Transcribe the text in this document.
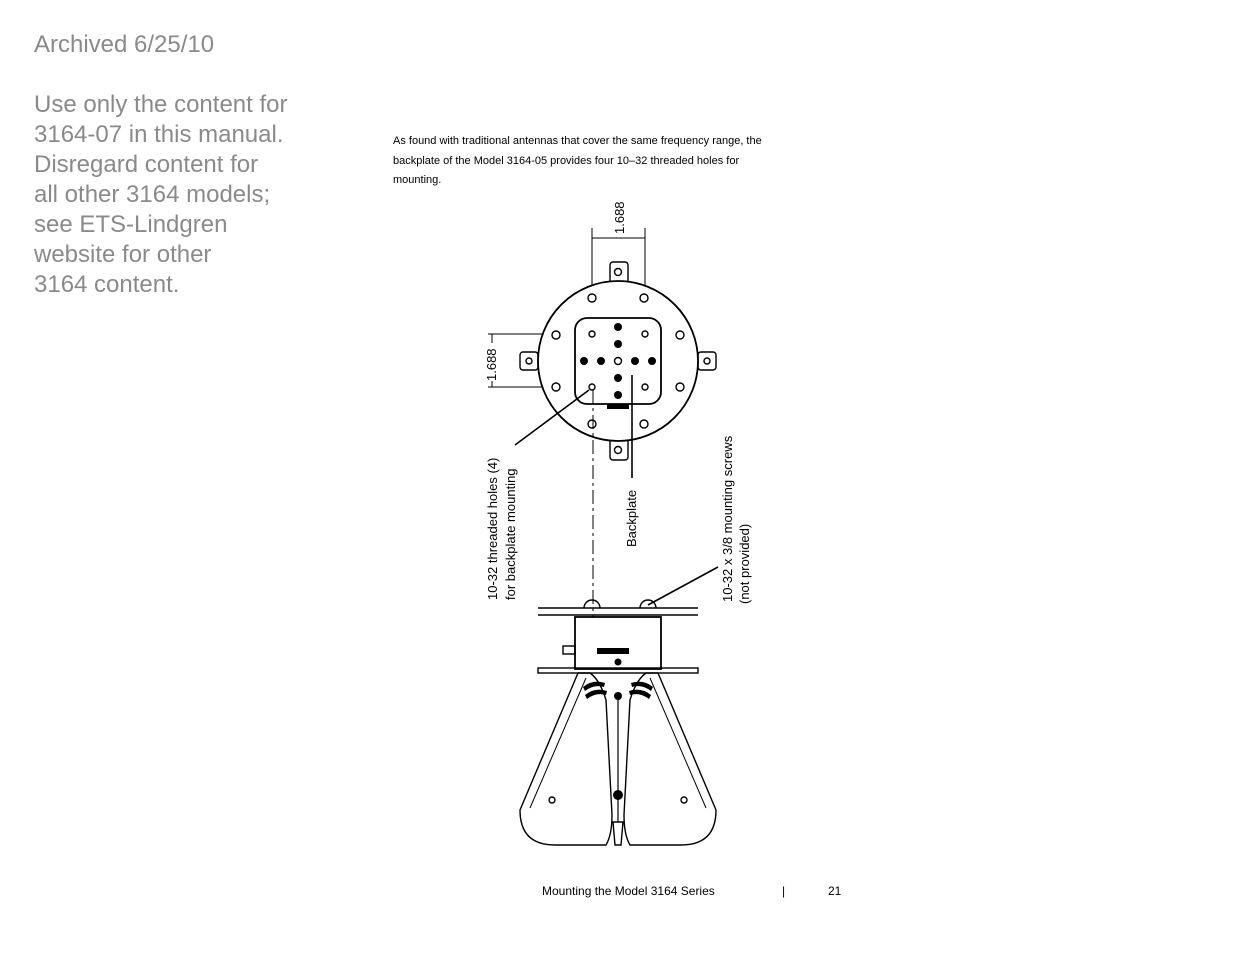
Archived 6/25/10
Use only the content for
3164-07 in this manual.
Disregard content for
all other 3164 models;
see ETS-Lindgren
website for other
3164 content.
As found with traditional antennas that cover the same frequency range, the
backplate of the Model 3164-05 provides four 10–32 threaded holes for
mounting.
1.688
1.688
10-32 threaded holes (4) for backplate mounting	Backplate	10-32 x 3/8 mounting screws (not provided)
Mounting the Model 3164 Series	|	21
